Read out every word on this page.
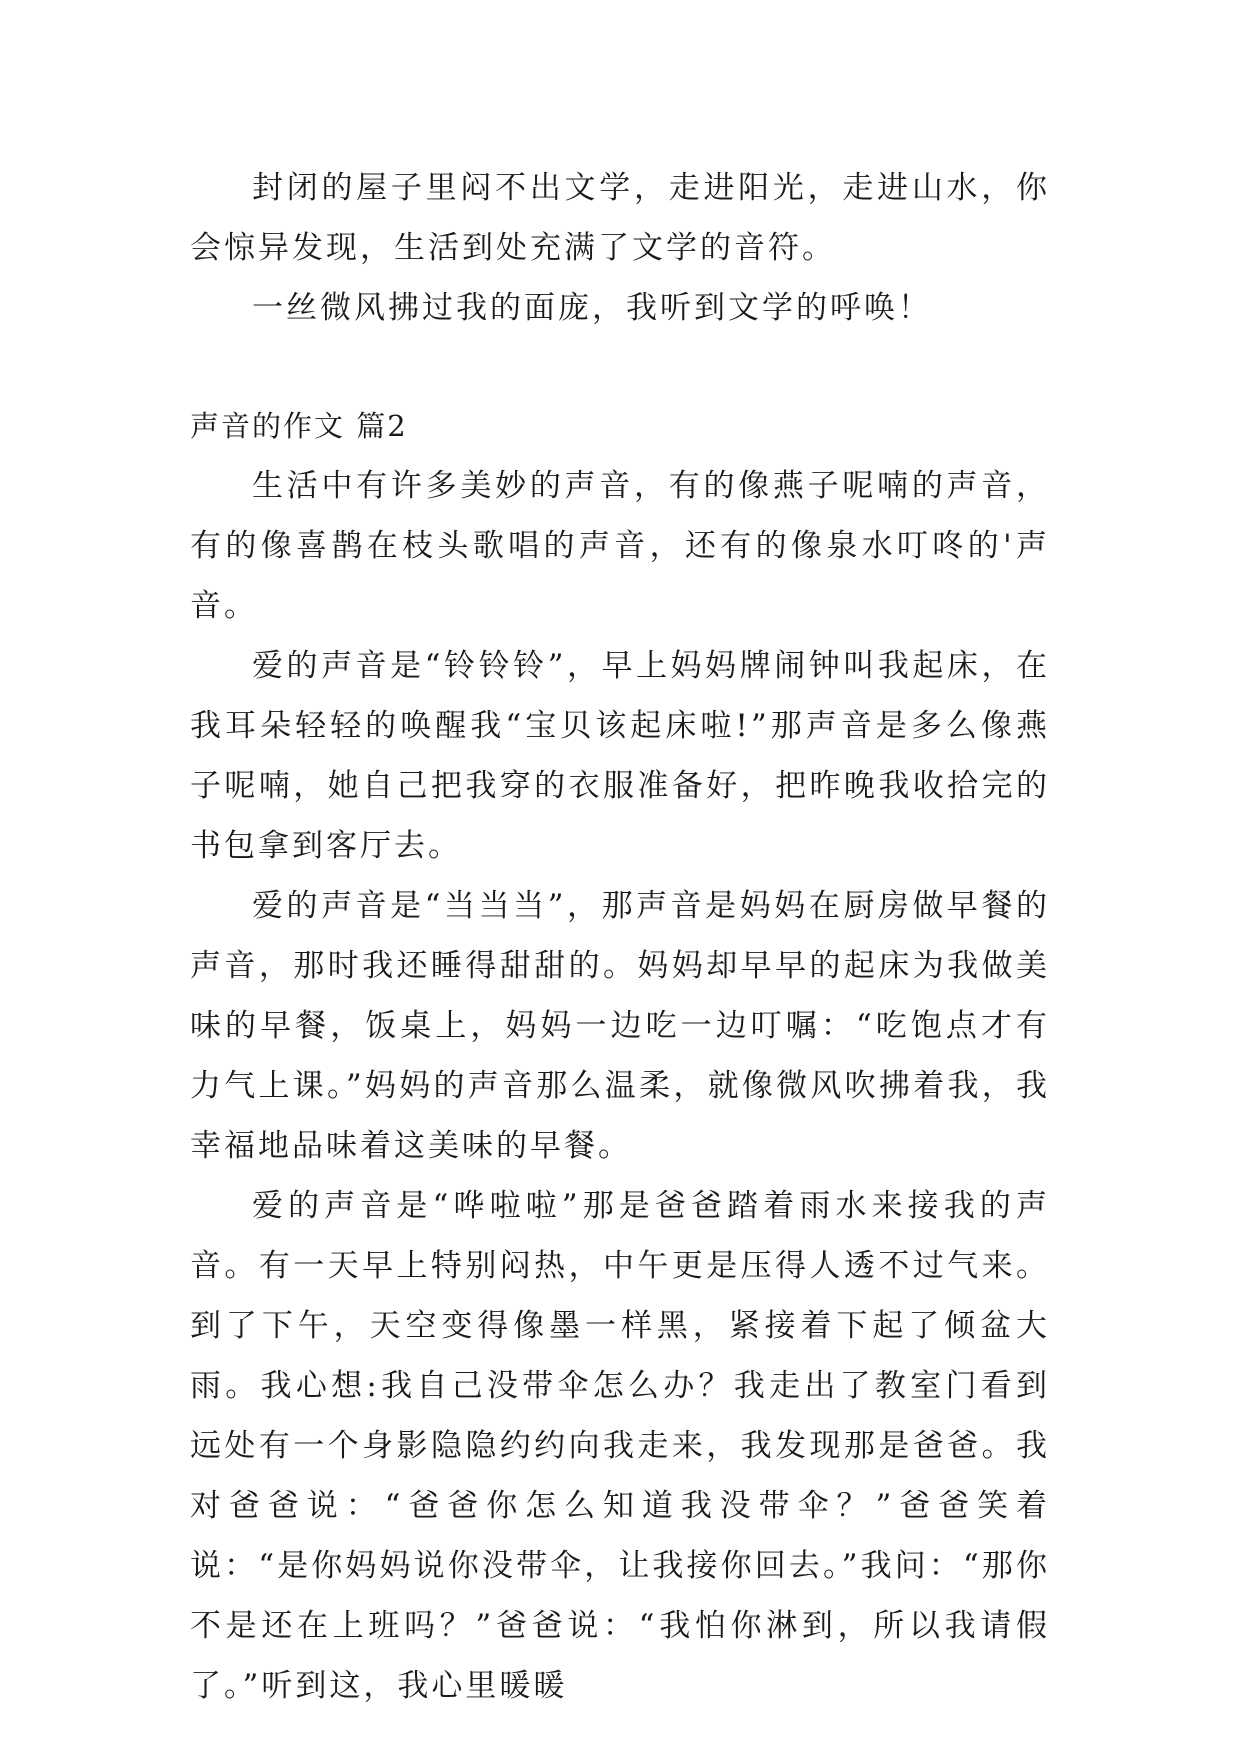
封闭的屋子里闷不出文学，走进阳光，走进山水，你会惊异发现，生活到处充满了文学的音符。

一丝微风拂过我的面庞，我听到文学的呼唤！

声音的作文 篇2

生活中有许多美妙的声音，有的像燕子呢喃的声音，有的像喜鹊在枝头歌唱的声音，还有的像泉水叮咚的'声音。

爱的声音是“铃铃铃”，早上妈妈牌闹钟叫我起床，在我耳朵轻轻的唤醒我“宝贝该起床啦!”那声音是多么像燕子呢喃，她自己把我穿的衣服准备好，把昨晚我收拾完的书包拿到客厅去。

爱的声音是“当当当”，那声音是妈妈在厨房做早餐的声音，那时我还睡得甜甜的。妈妈却早早的起床为我做美味的早餐，饭桌上，妈妈一边吃一边叮嘱：“吃饱点才有力气上课。”妈妈的声音那么温柔，就像微风吹拂着我，我幸福地品味着这美味的早餐。

爱的声音是“哗啦啦”那是爸爸踏着雨水来接我的声音。有一天早上特别闷热，中午更是压得人透不过气来。到了下午，天空变得像墨一样黑，紧接着下起了倾盆大雨。我心想:我自己没带伞怎么办？我走出了教室门看到远处有一个身影隐隐约约向我走来，我发现那是爸爸。我对爸爸说：“爸爸你怎么知道我没带伞？”爸爸笑着说：“是你妈妈说你没带伞，让我接你回去。”我问：“那你不是还在上班吗？”爸爸说：“我怕你淋到，所以我请假了。”听到这，我心里暖暖
